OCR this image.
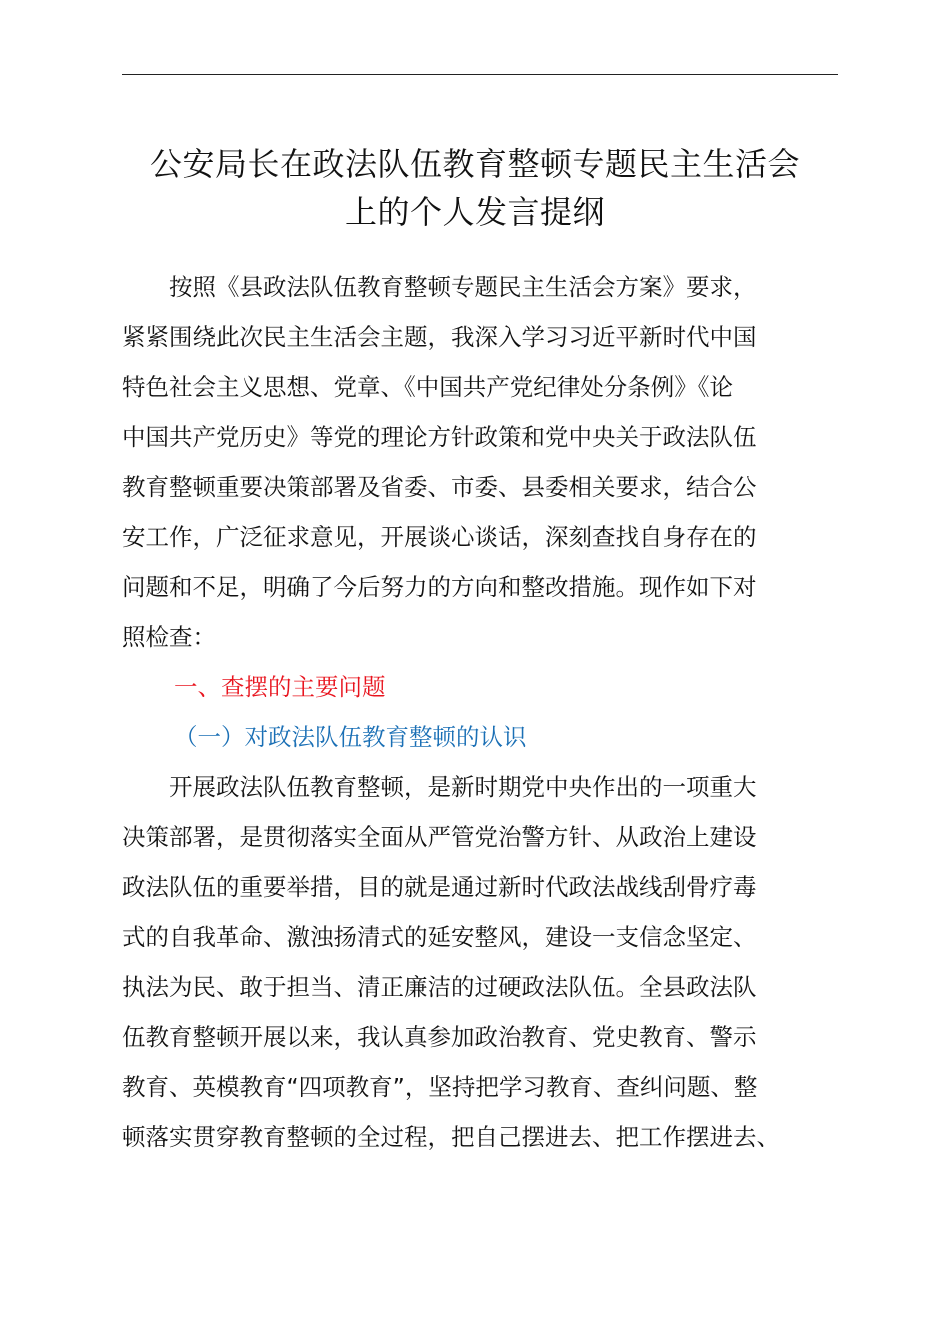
公安局长在政法队伍教育整顿专题民主生活会
上的个人发言提纲

按照《县政法队伍教育整顿专题民主生活会方案》要求，
紧紧围绕此次民主生活会主题，我深入学习习近平新时代中国
特色社会主义思想、党章、《中国共产党纪律处分条例》《论
中国共产党历史》等党的理论方针政策和党中央关于政法队伍
教育整顿重要决策部署及省委、市委、县委相关要求，结合公
安工作，广泛征求意见，开展谈心谈话，深刻查找自身存在的
问题和不足，明确了今后努力的方向和整改措施。现作如下对
照检查：

一、查摆的主要问题

（一）对政法队伍教育整顿的认识

开展政法队伍教育整顿，是新时期党中央作出的一项重大
决策部署，是贯彻落实全面从严管党治警方针、从政治上建设
政法队伍的重要举措，目的就是通过新时代政法战线刮骨疗毒
式的自我革命、激浊扬清式的延安整风，建设一支信念坚定、
执法为民、敢于担当、清正廉洁的过硬政法队伍。全县政法队
伍教育整顿开展以来，我认真参加政治教育、党史教育、警示
教育、英模教育“四项教育”，坚持把学习教育、查纠问题、整
顿落实贯穿教育整顿的全过程，把自己摆进去、把工作摆进去、
